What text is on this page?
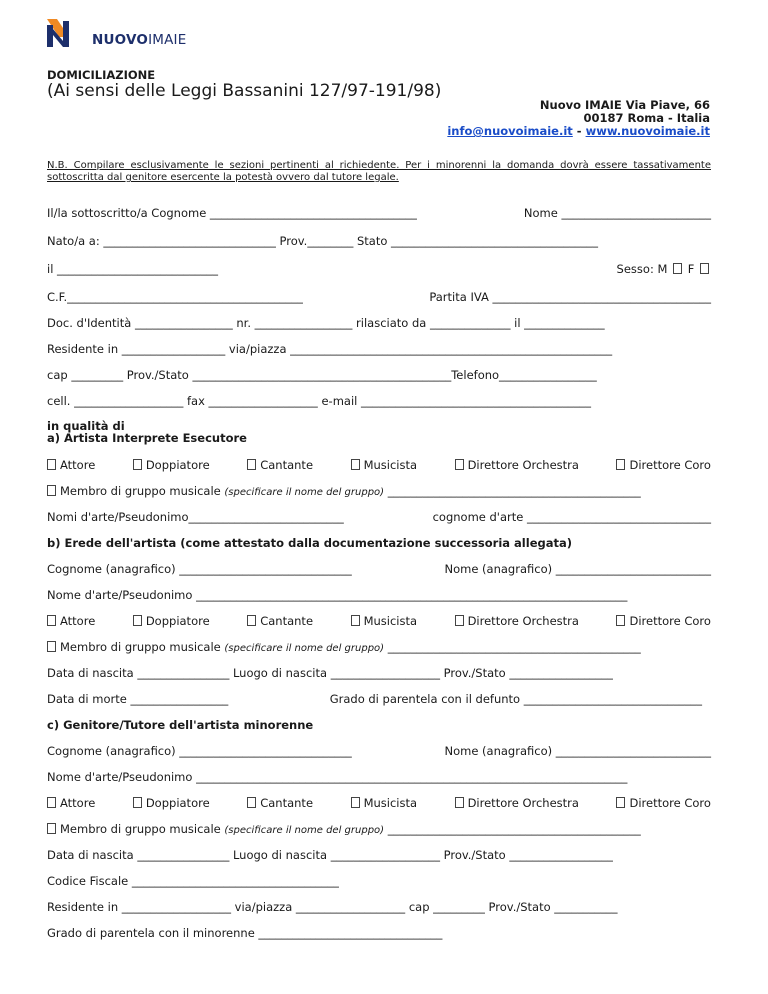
NUOVOIMAIE
DOMICILIAZIONE
(Ai sensi delle Leggi Bassanini 127/97-191/98)
Nuovo IMAIE Via Piave, 66
00187 Roma - Italia
info@nuovoimaie.it - www.nuovoimaie.it
N.B. Compilare esclusivamente le sezioni pertinenti al richiedente. Per i minorenni la domanda dovrà essere tassativamente sottoscritta dal genitore esercente la potestà ovvero dal tutore legale.
Il/la sottoscritto/a Cognome ____________________________________	Nome __________________________
Nato/a a: ______________________________ Prov.________ Stato ____________________________________
il ____________________________	Sesso: M F
C.F._________________________________________	Partita IVA ______________________________________
Doc. d'Identità _________________ nr. _________________ rilasciato da ______________ il ______________
Residente in __________________ via/piazza ________________________________________________________
cap _________ Prov./Stato _____________________________________________Telefono_________________
cell. ___________________ fax ___________________ e-mail ________________________________________
in qualità di
a) Artista Interprete Esecutore
Attore	Doppiatore	Cantante	Musicista	Direttore Orchestra	Direttore Coro
Membro di gruppo musicale (specificare il nome del gruppo) ____________________________________________
Nomi d'arte/Pseudonimo___________________________	cognome d'arte ________________________________
b) Erede dell'artista (come attestato dalla documentazione successoria allegata)
Cognome (anagrafico) ______________________________	Nome (anagrafico) ___________________________
Nome d'arte/Pseudonimo ___________________________________________________________________________
Attore	Doppiatore	Cantante	Musicista	Direttore Orchestra	Direttore Coro
Membro di gruppo musicale (specificare il nome del gruppo) ____________________________________________
Data di nascita ________________ Luogo di nascita ___________________ Prov./Stato __________________
Data di morte _________________	Grado di parentela con il defunto _______________________________
c) Genitore/Tutore dell'artista minorenne
Cognome (anagrafico) ______________________________	Nome (anagrafico) ___________________________
Nome d'arte/Pseudonimo ___________________________________________________________________________
Attore	Doppiatore	Cantante	Musicista	Direttore Orchestra	Direttore Coro
Membro di gruppo musicale (specificare il nome del gruppo) ____________________________________________
Data di nascita ________________ Luogo di nascita ___________________ Prov./Stato __________________
Codice Fiscale ____________________________________
Residente in ___________________ via/piazza ___________________ cap _________ Prov./Stato ___________
Grado di parentela con il minorenne ________________________________
